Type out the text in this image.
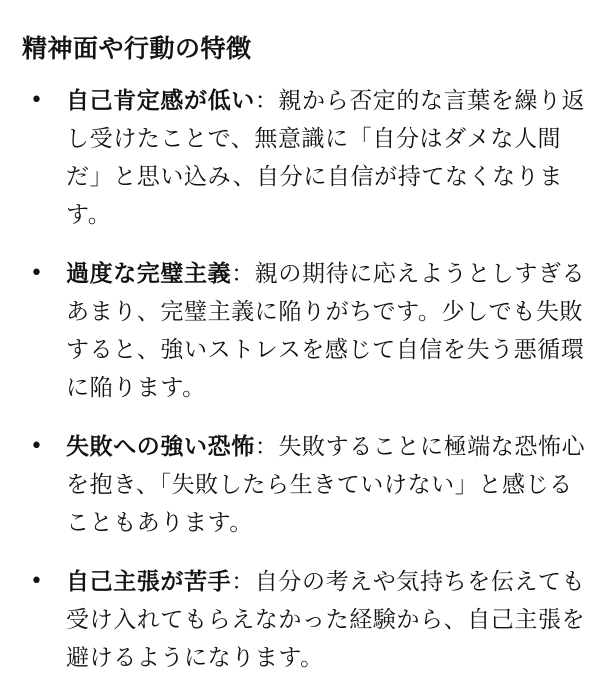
精神面や行動の特徴
• 自己肯定感が低い：親から否定的な言葉を繰り返し受けたことで、無意識に「自分はダメな人間だ」と思い込み、自分に自信が持てなくなります。
• 過度な完璧主義：親の期待に応えようとしすぎるあまり、完璧主義に陥りがちです。少しでも失敗すると、強いストレスを感じて自信を失う悪循環に陥ります。
• 失敗への強い恐怖：失敗することに極端な恐怖心を抱き、「失敗したら生きていけない」と感じることもあります。
• 自己主張が苦手：自分の考えや気持ちを伝えても受け入れてもらえなかった経験から、自己主張を避けるようになります。
